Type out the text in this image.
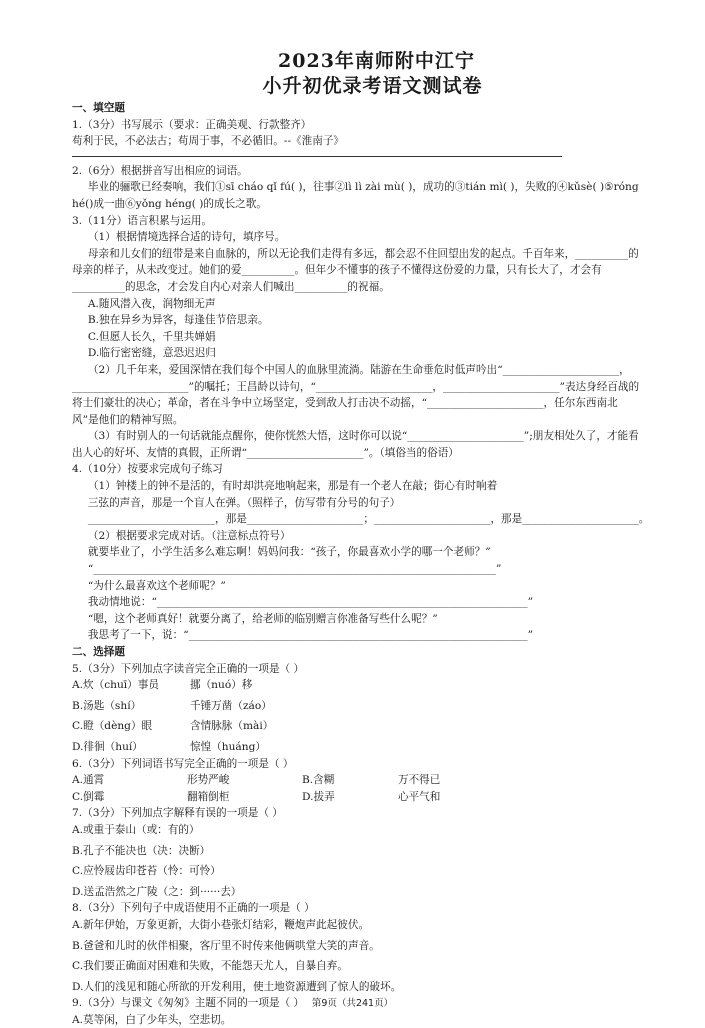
2023年南师附中江宁
小升初优录考语文测试卷

一、填空题

1.（3分）书写展示（要求：正确美观、行款整齐）

苟利于民，不必法古；苟周于事，不必循旧。--《淮南子》

2.（6分）根据拼音写出相应的词语。

毕业的骊歌已经奏响，我们①sī cháo qǐ fú( )，往事②lì lì zài mù( )，成功的③tián mì( )，失败的④kǔsè( )⑤róng hé()成一曲⑥yǒng héng( )的成长之歌。

3.（11分）语言积累与运用。

（1）根据情境选择合适的诗句，填序号。

母亲和儿女们的纽带是来自血脉的，所以无论我们走得有多远，都会忍不住回望出发的起点。千百年来，__________的母亲的样子，从未改变过。她们的爱__________。但年少不懂事的孩子不懂得这份爱的力量，只有长大了，才会有__________的思念，才会发自内心对亲人们喊出__________的祝福。

A.随风潜入夜，润物细无声

B.独在异乡为异客，每逢佳节倍思亲。

C.但愿人长久，千里共婵娟

D.临行密密缝，意恐迟迟归

（2）几千年来，爱国深情在我们每个中国人的血脉里流淌。陆游在生命垂危时低声吟出“______________________，______________________”的嘱托；王昌龄以诗句，“______________________，______________________”表达身经百战的将士们豪壮的决心；革命，者在斗争中立场坚定，受到敌人打击决不动摇，“______________________，任尔东西南北风”是他们的精神写照。

（3）有时别人的一句话就能点醒你，使你恍然大悟，这时你可以说“______________________”;朋友相处久了，才能看出人心的好坏、友情的真假，正所谓“______________________”。（填俗当的俗语）

4.（10分）按要求完成句子练习

（1）钟楼上的钟不是活的，有时却洪亮地响起来，那是有一个老人在敲；街心有时响着

三弦的声音，那是一个盲人在弹。（照样子，仿写带有分号的句子）

________________________，那是______________________；______________________，那是______________________。

（2）根据要求完成对话。（注意标点符号）

就要毕业了，小学生活多么难忘啊！妈妈问我：“孩子，你最喜欢小学的哪一个老师？”

“____________________________________________________________________________”

“为什么最喜欢这个老师呢？”

我动情地说：“______________________________________________________________________”

“嗯，这个老师真好！就要分离了，给老师的临别赠言你准备写些什么呢？”

我思考了一下，说：“________________________________________________________________”

二、选择题

5.（3分）下列加点字读音完全正确的一项是（ ）

A.炊（chuī）事员	挪（nuó）移

B.汤匙（shí）	千锤万凿（záo）

C.瞪（dèng）眼	含情脉脉（mài）

D.徘徊（huí）	惊惶（huáng）

6.（3分）下列词语书写完全正确的一项是（ ）

A.通霄	形势严峻	B.含糊	万不得已

C.倒霉	翻箱倒柜	D.拔弄	心平气和

7.（3分）下列加点字解释有误的一项是（ ）

A.或重于泰山（或：有的）

B.孔子不能决也（决：决断）

C.应怜屐齿印苍苔（怜：可怜）

D.送孟浩然之广陵（之：到······去）

8.（3分）下列句子中成语使用不正确的一项是（ ）

A.新年伊始，万象更新，大街小巷张灯结彩，鞭炮声此起彼伏。

B.爸爸和儿时的伙伴相聚，客厅里不时传来他俩哄堂大笑的声音。

C.我们要正确面对困难和失败，不能怨天尤人，自暴自弃。

D.人们的浅见和随心所欲的开发利用，使土地资源遭到了惊人的破坏。

9.（3分）与课文《匆匆》主题不同的一项是（ ）

A.莫等闲，白了少年头，空悲切。

第9页（共241页）
